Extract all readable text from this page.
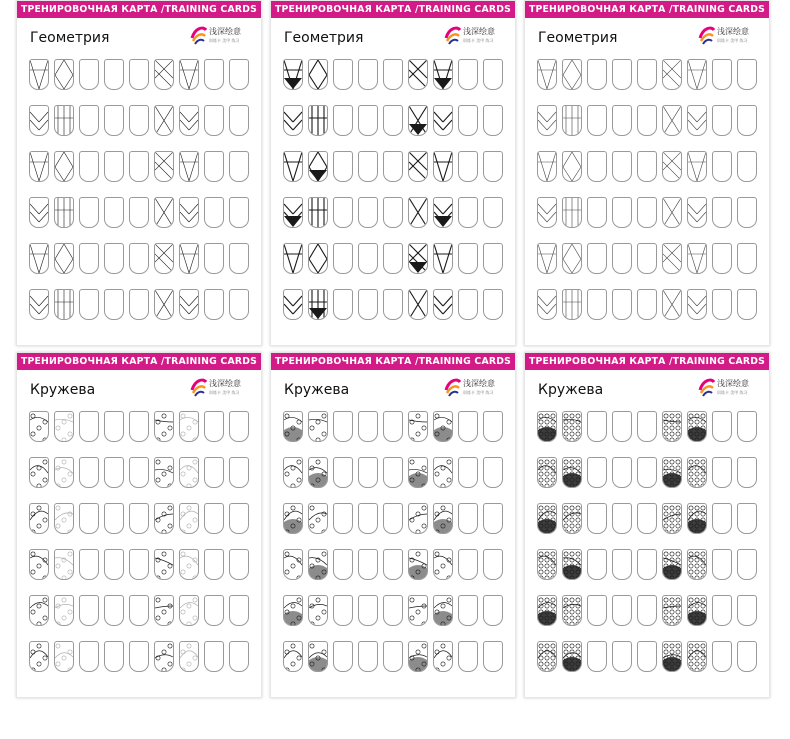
ТРЕНИРОВОЧНАЯ КАРТА /TRAINING CARDS
Геометрия	浅深绘意
训练卡 美甲 练习
ТРЕНИРОВОЧНАЯ КАРТА /TRAINING CARDS
Геометрия	浅深绘意
训练卡 美甲 练习
ТРЕНИРОВОЧНАЯ КАРТА /TRAINING CARDS
Геометрия	浅深绘意
训练卡 美甲 练习
ТРЕНИРОВОЧНАЯ КАРТА /TRAINING CARDS
Кружева	浅深绘意
训练卡 美甲 练习
ТРЕНИРОВОЧНАЯ КАРТА /TRAINING CARDS
Кружева	浅深绘意
训练卡 美甲 练习
ТРЕНИРОВОЧНАЯ КАРТА /TRAINING CARDS
Кружева	浅深绘意
训练卡 美甲 练习
